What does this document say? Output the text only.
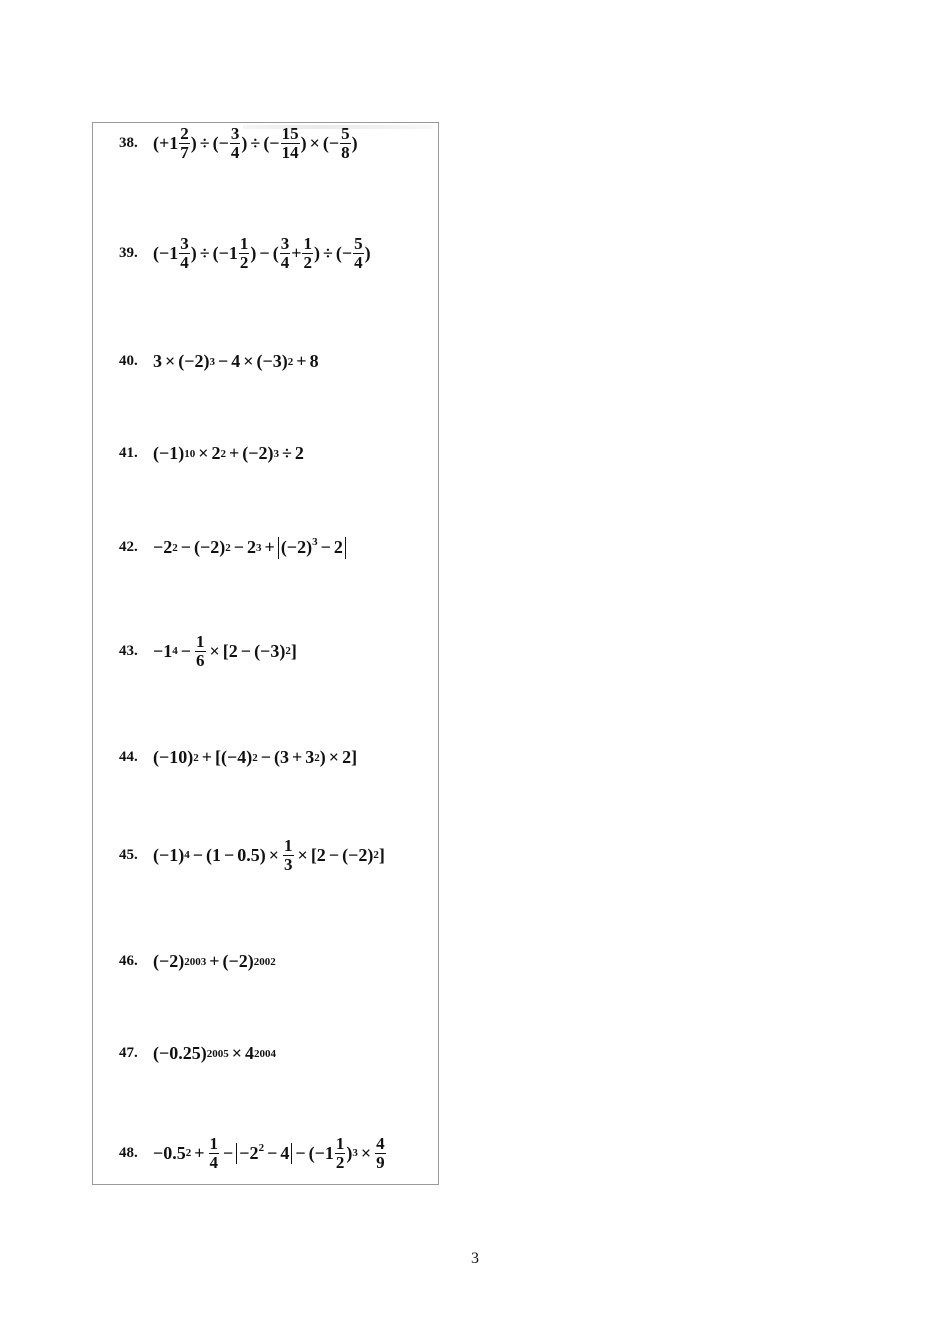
38. ($+1 \frac{2}{7}$ ) ÷ (− $\frac{3}{4}$ ) ÷ (− $\frac{15}{14}$ ) × (− $\frac{5}{8}$ )
39. ($-1 \frac{3}{4}$ ) ÷ ($-1 \frac{1}{2}$ ) − ( $\frac{3}{4} + \frac{1}{2}$ ) ÷ (− $\frac{5}{4}$ )
40. 3 × (−2) 3 − 4 × (−3) 2 + 8
41. (−1) 10 × 2 2 + (−2) 3 ÷ 2
42. −2 2 − (−2) 2 − 2 $3 + (-2)^3 - 2$
43. −1 $4 - \frac{1}{6} \times [2 - (-3)$ 2 ]
44. (−10) 2 + [(−4) 2 − (3 + 3 2 ) × 2]
45. (−1) $4 - (1 - 0.5) \times \frac{1}{3} \times [2 - (-2)$ 2 ]
46. (−2) 2003 + (−2) 2002
47. (−0.25) 2005 × 4 2004
48. −0.5 $2 + \frac{1}{4} - -2^2 - 4 - (-1 \frac{1}{2}$ ) $3 \times \frac{4}{9}$
3
